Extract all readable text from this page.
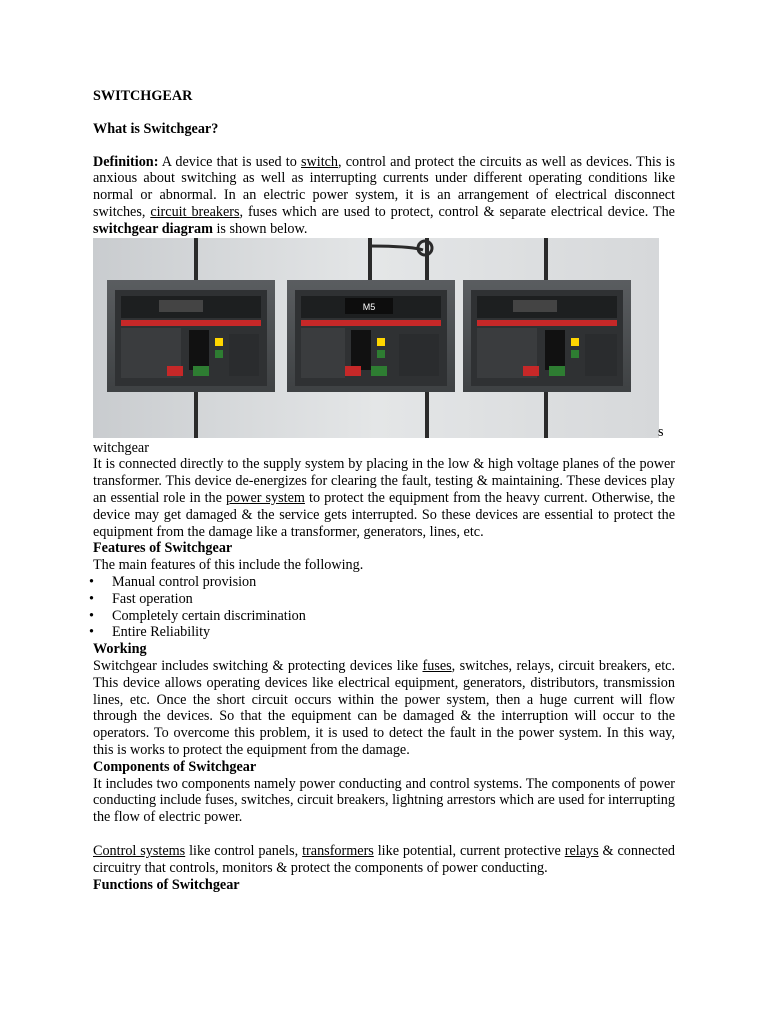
SWITCHGEAR

What is Switchgear?

Definition: A device that is used to switch, control and protect the circuits as well as devices. This is anxious about switching as well as interrupting currents under different operating conditions like normal or abnormal. In an electric power system, it is an arrangement of electrical disconnect switches, circuit breakers, fuses which are used to protect, control & separate electrical device. The switchgear diagram is shown below.

M5
s

witchgear

It is connected directly to the supply system by placing in the low & high voltage planes of the power transformer. This device de-energizes for clearing the fault, testing & maintaining. These devices play an essential role in the power system to protect the equipment from the heavy current. Otherwise, the device may get damaged & the service gets interrupted. So these devices are essential to protect the equipment from the damage like a transformer, generators, lines, etc.

Features of Switchgear

The main features of this include the following.

• Manual control provision
• Fast operation
• Completely certain discrimination
• Entire Reliability

Working

Switchgear includes switching & protecting devices like fuses, switches, relays, circuit breakers, etc. This device allows operating devices like electrical equipment, generators, distributors, transmission lines, etc. Once the short circuit occurs within the power system, then a huge current will flow through the devices. So that the equipment can be damaged & the interruption will occur to the operators. To overcome this problem, it is used to detect the fault in the power system. In this way, this is works to protect the equipment from the damage.

Components of Switchgear

It includes two components namely power conducting and control systems. The components of power conducting include fuses, switches, circuit breakers, lightning arrestors which are used for interrupting the flow of electric power.

Control systems like control panels, transformers like potential, current protective relays & connected circuitry that controls, monitors & protect the components of power conducting.

Functions of Switchgear
